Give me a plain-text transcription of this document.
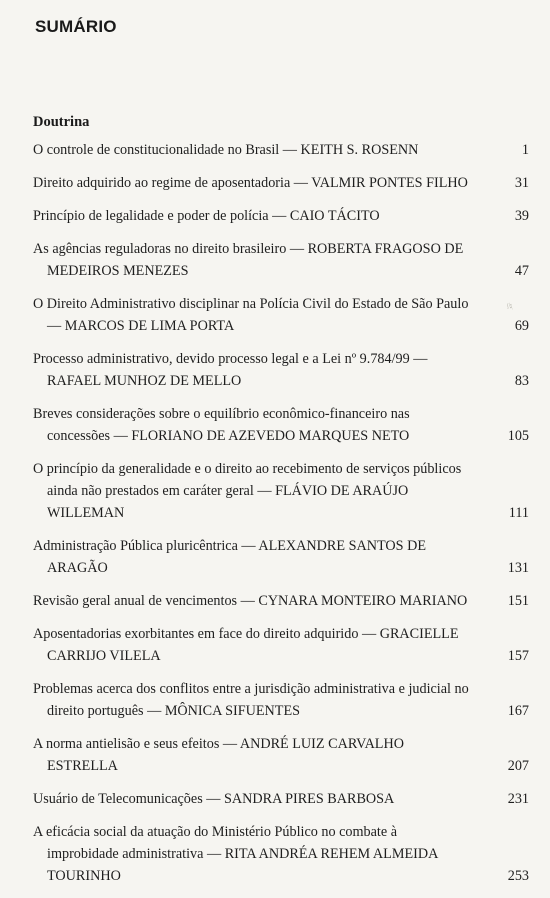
SUMÁRIO
Doutrina
O controle de constitucionalidade no Brasil — KEITH S. ROSENN	1
Direito adquirido ao regime de aposentadoria — VALMIR PONTES FILHO	31
Princípio de legalidade e poder de polícia — CAIO TÁCITO	39
As agências reguladoras no direito brasileiro — ROBERTA FRAGOSO DE
MEDEIROS MENEZES	47
O Direito Administrativo disciplinar na Polícia Civil do Estado de São Paulo
— MARCOS DE LIMA PORTA	69
Processo administrativo, devido processo legal e a Lei nº 9.784/99 —
RAFAEL MUNHOZ DE MELLO	83
Breves considerações sobre o equilíbrio econômico-financeiro nas
concessões — FLORIANO DE AZEVEDO MARQUES NETO	105
O princípio da generalidade e o direito ao recebimento de serviços públicos
ainda não prestados em caráter geral — FLÁVIO DE ARAÚJO
WILLEMAN	111
Administração Pública pluricêntrica — ALEXANDRE SANTOS DE
ARAGÃO	131
Revisão geral anual de vencimentos — CYNARA MONTEIRO MARIANO	151
Aposentadorias exorbitantes em face do direito adquirido — GRACIELLE
CARRIJO VILELA	157
Problemas acerca dos conflitos entre a jurisdição administrativa e judicial no
direito português — MÔNICA SIFUENTES	167
A norma antielisão e seus efeitos — ANDRÉ LUIZ CARVALHO
ESTRELLA	207
Usuário de Telecomunicações — SANDRA PIRES BARBOSA	231
A eficácia social da atuação do Ministério Público no combate à
improbidade administrativa — RITA ANDRÉA REHEM ALMEIDA
TOURINHO	253
ᶴ♮
